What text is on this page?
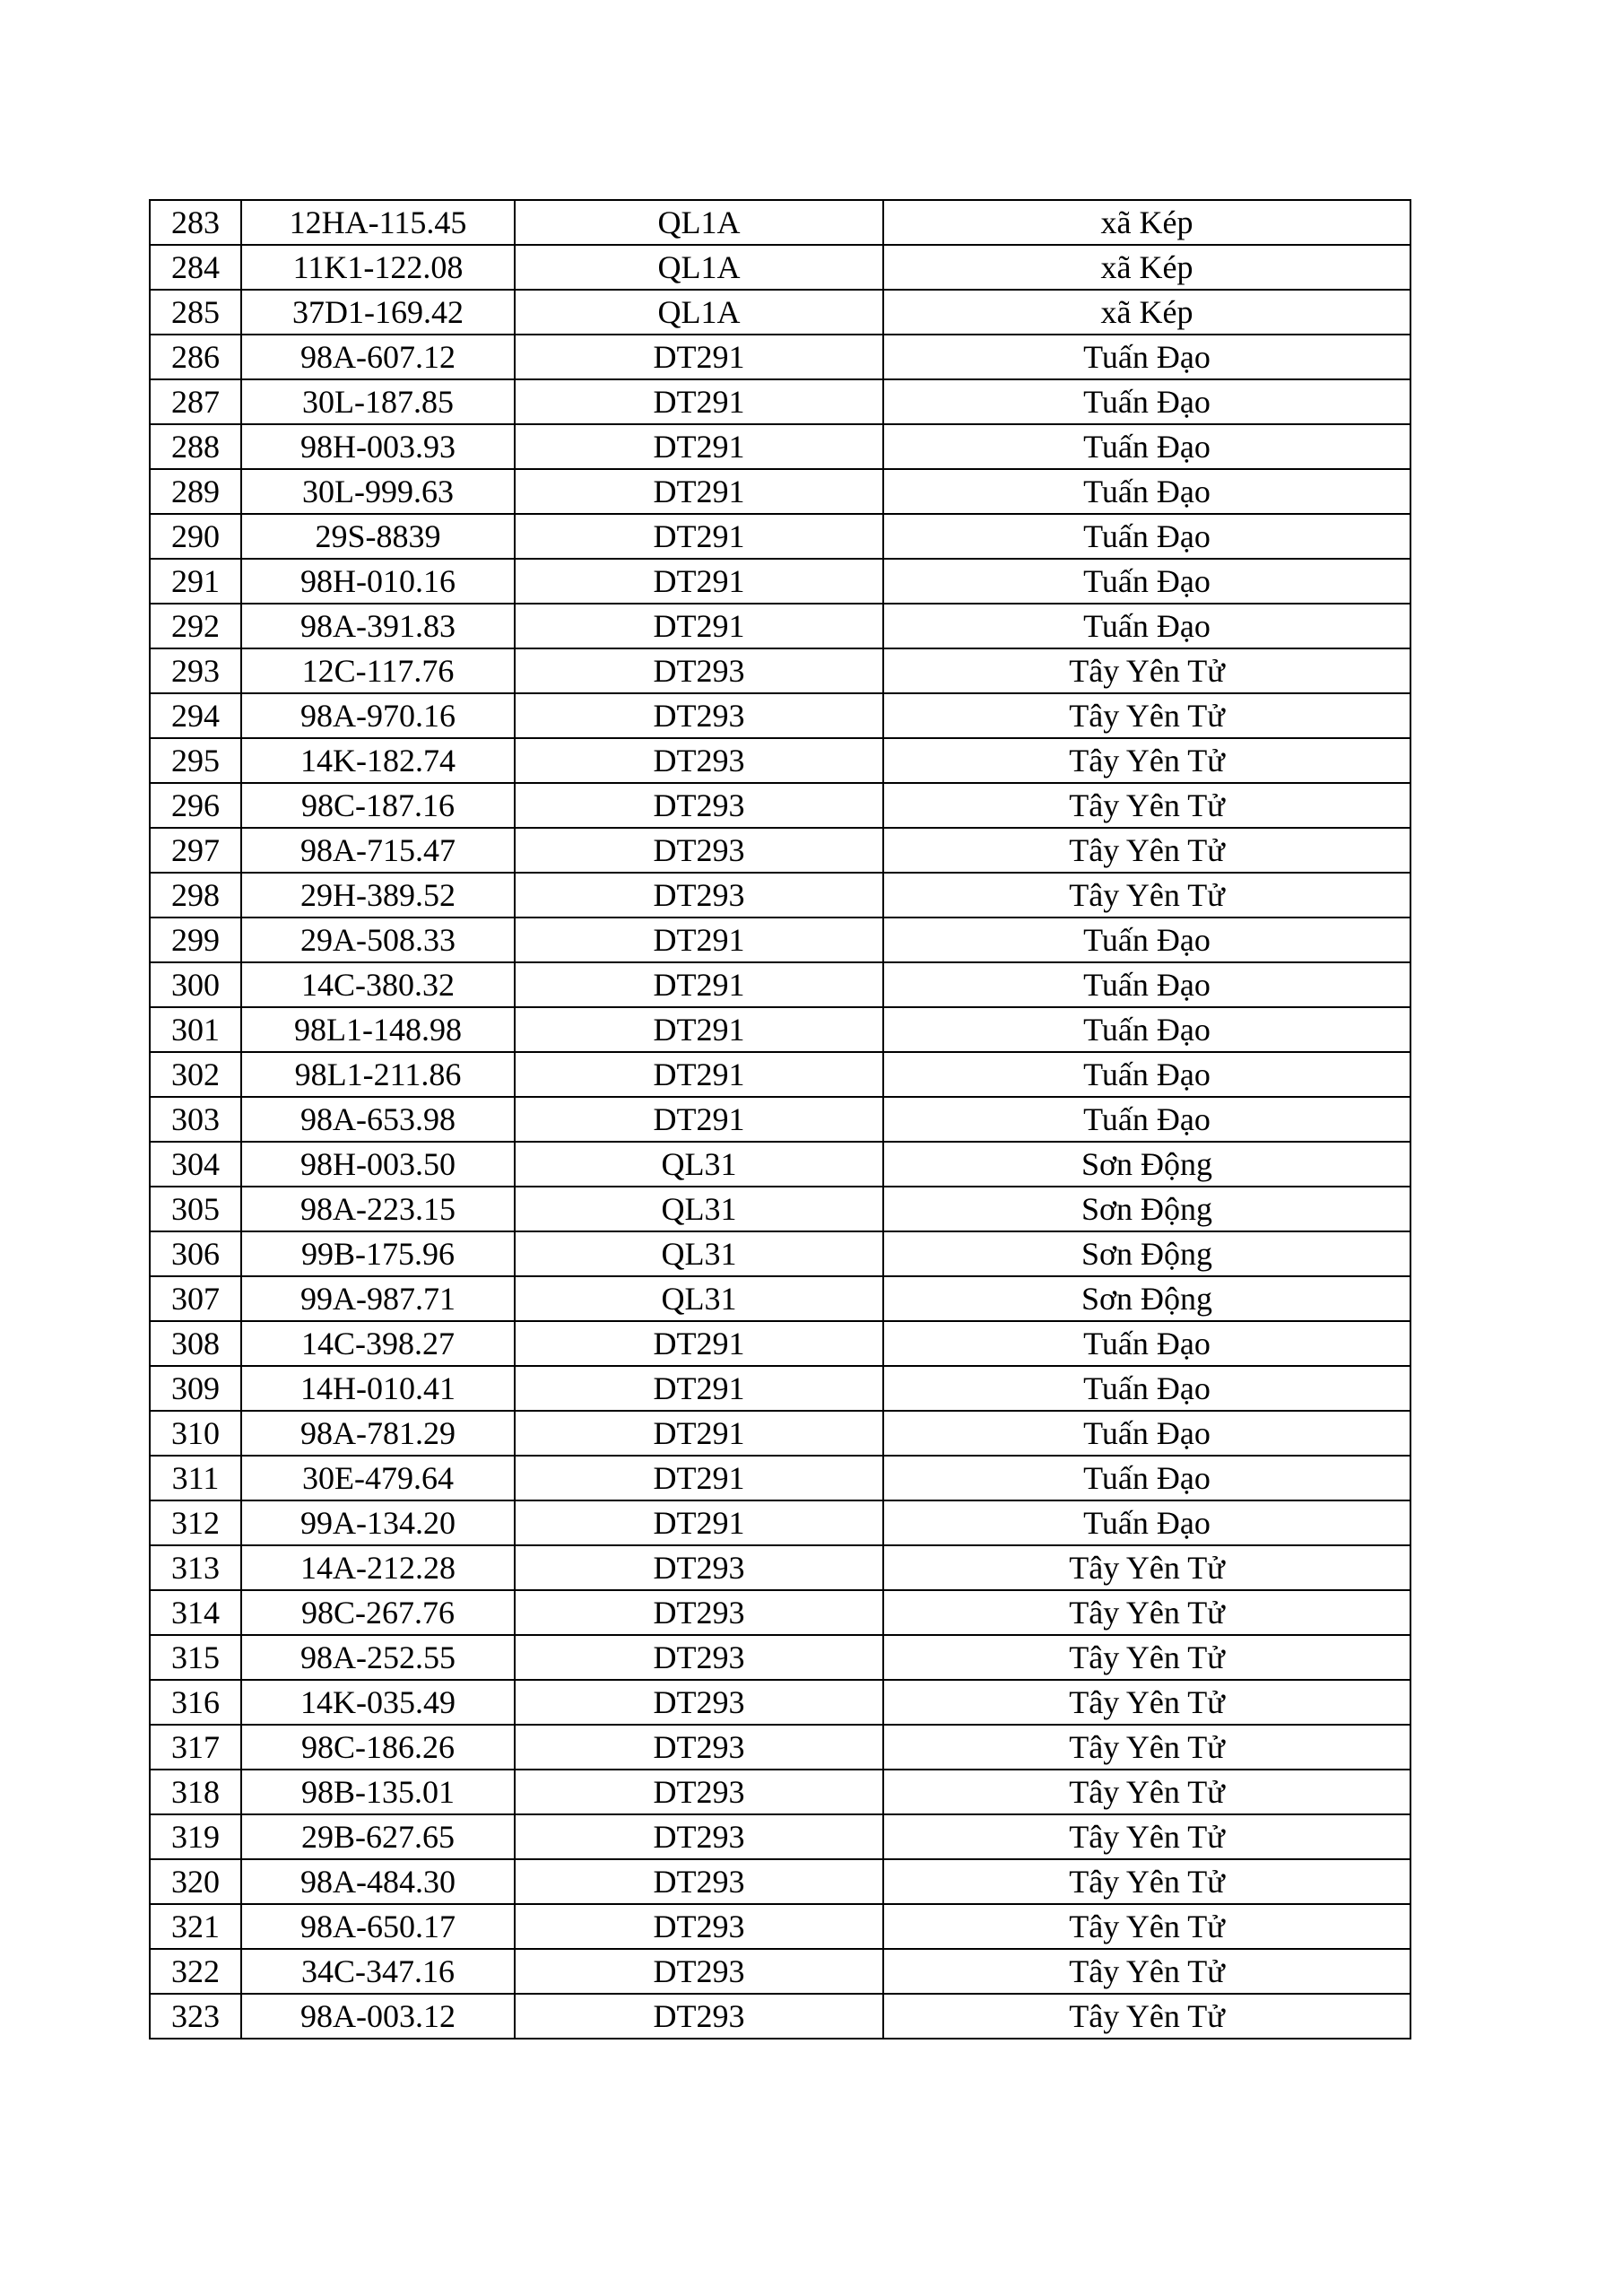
283	12HA-115.45	QL1A	xã Kép
284	11K1-122.08	QL1A	xã Kép
285	37D1-169.42	QL1A	xã Kép
286	98A-607.12	DT291	Tuấn Đạo
287	30L-187.85	DT291	Tuấn Đạo
288	98H-003.93	DT291	Tuấn Đạo
289	30L-999.63	DT291	Tuấn Đạo
290	29S-8839	DT291	Tuấn Đạo
291	98H-010.16	DT291	Tuấn Đạo
292	98A-391.83	DT291	Tuấn Đạo
293	12C-117.76	DT293	Tây Yên Tử
294	98A-970.16	DT293	Tây Yên Tử
295	14K-182.74	DT293	Tây Yên Tử
296	98C-187.16	DT293	Tây Yên Tử
297	98A-715.47	DT293	Tây Yên Tử
298	29H-389.52	DT293	Tây Yên Tử
299	29A-508.33	DT291	Tuấn Đạo
300	14C-380.32	DT291	Tuấn Đạo
301	98L1-148.98	DT291	Tuấn Đạo
302	98L1-211.86	DT291	Tuấn Đạo
303	98A-653.98	DT291	Tuấn Đạo
304	98H-003.50	QL31	Sơn Động
305	98A-223.15	QL31	Sơn Động
306	99B-175.96	QL31	Sơn Động
307	99A-987.71	QL31	Sơn Động
308	14C-398.27	DT291	Tuấn Đạo
309	14H-010.41	DT291	Tuấn Đạo
310	98A-781.29	DT291	Tuấn Đạo
311	30E-479.64	DT291	Tuấn Đạo
312	99A-134.20	DT291	Tuấn Đạo
313	14A-212.28	DT293	Tây Yên Tử
314	98C-267.76	DT293	Tây Yên Tử
315	98A-252.55	DT293	Tây Yên Tử
316	14K-035.49	DT293	Tây Yên Tử
317	98C-186.26	DT293	Tây Yên Tử
318	98B-135.01	DT293	Tây Yên Tử
319	29B-627.65	DT293	Tây Yên Tử
320	98A-484.30	DT293	Tây Yên Tử
321	98A-650.17	DT293	Tây Yên Tử
322	34C-347.16	DT293	Tây Yên Tử
323	98A-003.12	DT293	Tây Yên Tử
